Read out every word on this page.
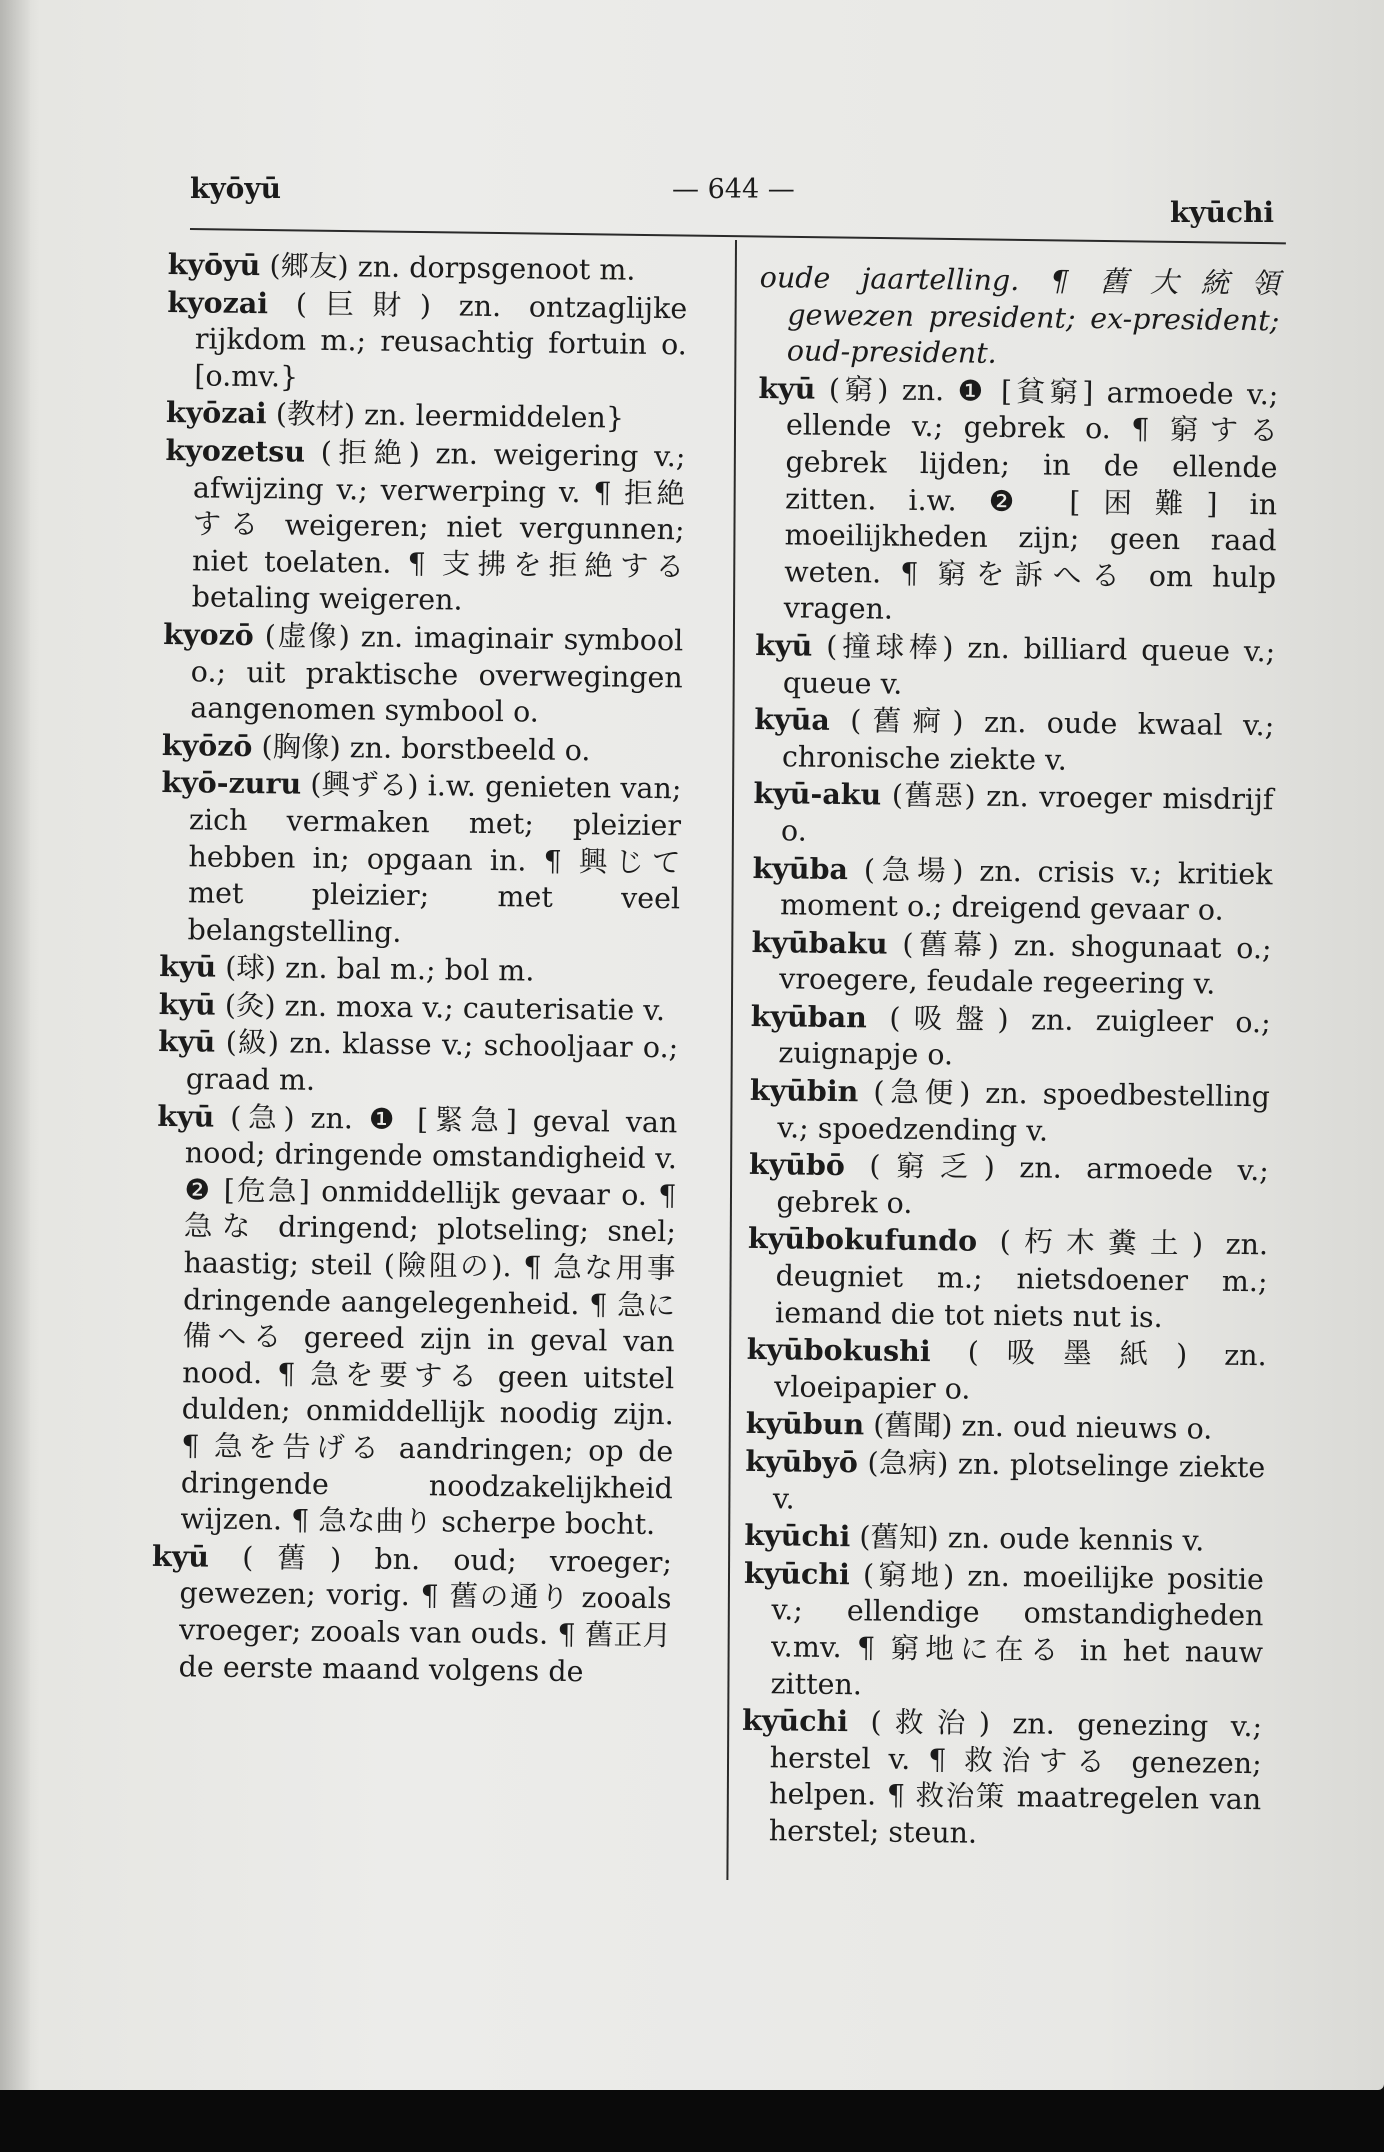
kyōyū	— 644 —
kyūchi

kyōyū (郷友) zn. dorpsgenoot m.

kyozai (巨財) zn. ontzaglijke rijkdom m.; reusachtig fortuin o. [o.mv.}

kyōzai (教材) zn. leermiddelen}

kyozetsu (拒絶) zn. weigering v.; afwijzing v.; verwerping v. ¶ 拒絶する weigeren; niet vergunnen; niet toelaten. ¶ 支拂を拒絶する betaling weigeren.

kyozō (虚像) zn. imaginair symbool o.; uit praktische overwegingen aangenomen symbool o.

kyōzō (胸像) zn. borstbeeld o.

kyō-zuru (興ずる) i.w. genieten van; zich vermaken met; pleizier hebben in; opgaan in. ¶ 興じて met pleizier; met veel belangstelling.

kyū (球) zn. bal m.; bol m.

kyū (灸) zn. moxa v.; cauterisatie v.

kyū (級) zn. klasse v.; schooljaar o.; graad m.

kyū (急) zn. ❶ [緊急] geval van nood; dringende omstandigheid v. ❷ [危急] onmiddellijk gevaar o. ¶ 急な dringend; plotseling; snel; haastig; steil (險阻の). ¶ 急な用事 dringende aangelegenheid. ¶ 急に備へる gereed zijn in geval van nood. ¶ 急を要する geen uitstel dulden; onmiddellijk noodig zijn. ¶ 急を告げる aandringen; op de dringende noodzakelijkheid wijzen. ¶ 急な曲り scherpe bocht.

kyū (舊) bn. oud; vroeger; gewezen; vorig. ¶ 舊の通り zooals vroeger; zooals van ouds. ¶ 舊正月 de eerste maand volgens de

oude jaartelling. ¶ 舊大統領 gewezen president; ex-president; oud-president.

kyū (窮) zn. ❶ [貧窮] armoede v.; ellende v.; gebrek o. ¶ 窮する gebrek lijden; in de ellende zitten. i.w. ❷ [困難] in moeilijkheden zijn; geen raad weten. ¶ 窮を訴へる om hulp vragen.

kyū (撞球棒) zn. billiard queue v.; queue v.

kyūa (舊痾) zn. oude kwaal v.; chronische ziekte v.

kyū-aku (舊惡) zn. vroeger misdrijf o.

kyūba (急場) zn. crisis v.; kritiek moment o.; dreigend gevaar o.

kyūbaku (舊幕) zn. shogunaat o.; vroegere, feudale regeering v.

kyūban (吸盤) zn. zuigleer o.; zuignapje o.

kyūbin (急便) zn. spoedbestelling v.; spoedzending v.

kyūbō (窮乏) zn. armoede v.; gebrek o.

kyūbokufundo (朽木糞土) zn. deugniet m.; nietsdoener m.; iemand die tot niets nut is.

kyūbokushi (吸墨紙) zn. vloeipapier o.

kyūbun (舊聞) zn. oud nieuws o.

kyūbyō (急病) zn. plotselinge ziekte v.

kyūchi (舊知) zn. oude kennis v.

kyūchi (窮地) zn. moeilijke positie v.; ellendige omstandigheden v.mv. ¶ 窮地に在る in het nauw zitten.

kyūchi (救治) zn. genezing v.; herstel v. ¶ 救治する genezen; helpen. ¶ 救治策 maatregelen van herstel; steun.
